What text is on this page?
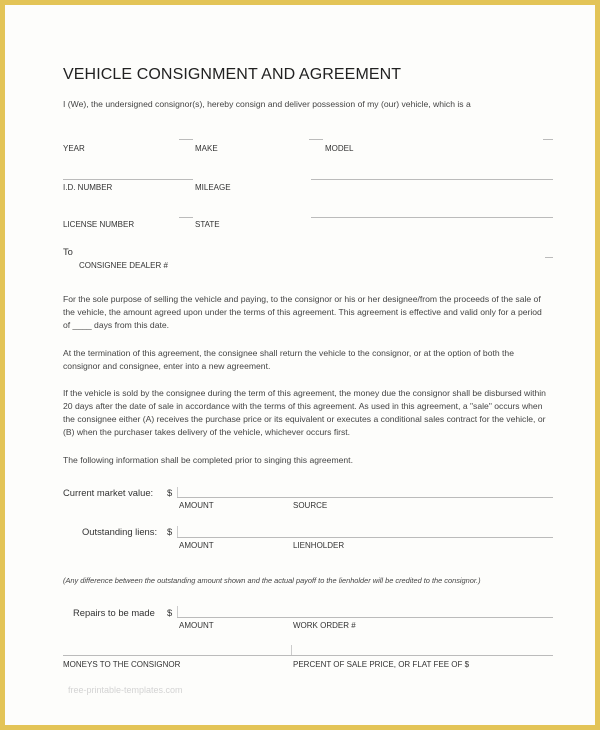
VEHICLE CONSIGNMENT AND AGREEMENT
I (We), the undersigned consignor(s), hereby consign and deliver possession of my (our) vehicle, which is a
YEAR	MAKE	MODEL
I.D. NUMBER	MILEAGE
LICENSE NUMBER	STATE
To
CONSIGNEE DEALER #
For the sole purpose of selling the vehicle and paying, to the consignor or his or her designee/from the proceeds of the sale of the vehicle, the amount agreed upon under the terms of this agreement. This agreement is effective and valid only for a period of ____ days from this date.
At the termination of this agreement, the consignee shall return the vehicle to the consignor, or at the option of both the consignor and consignee, enter into a new agreement.
If the vehicle is sold by the consignee during the term of this agreement, the money due the consignor shall be disbursed within 20 days after the date of sale in accordance with the terms of this agreement. As used in this agreement, a "sale" occurs when the consignee either (A) receives the purchase price or its equivalent or executes a conditional sales contract for the vehicle, or (B) when the purchaser takes delivery of the vehicle, whichever occurs first.
The following information shall be completed prior to singing this agreement.
Current market value: $
AMOUNT	SOURCE
Outstanding liens: $
AMOUNT	LIENHOLDER
(Any difference between the outstanding amount shown and the actual payoff to the lienholder will be credited to the consignor.)
Repairs to be made $
AMOUNT	WORK ORDER #
MONEYS TO THE CONSIGNOR	PERCENT OF SALE PRICE, OR FLAT FEE OF $
free-printable-templates.com
